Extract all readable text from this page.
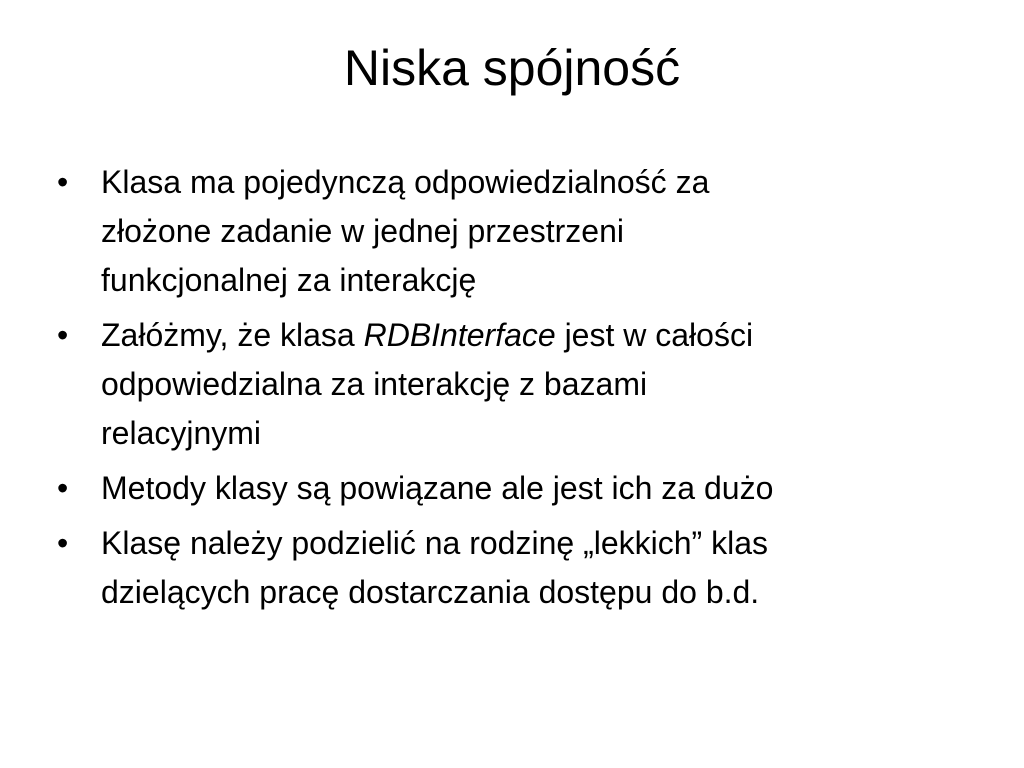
Niska spójność
•	Klasa ma pojedynczą odpowiedzialność za
złożone zadanie w jednej przestrzeni
funkcjonalnej za interakcję
•	Załóżmy, że klasa RDBInterface jest w całości
odpowiedzialna za interakcję z bazami
relacyjnymi
•	Metody klasy są powiązane ale jest ich za dużo
•	Klasę należy podzielić na rodzinę „lekkich” klas
dzielących pracę dostarczania dostępu do b.d.
